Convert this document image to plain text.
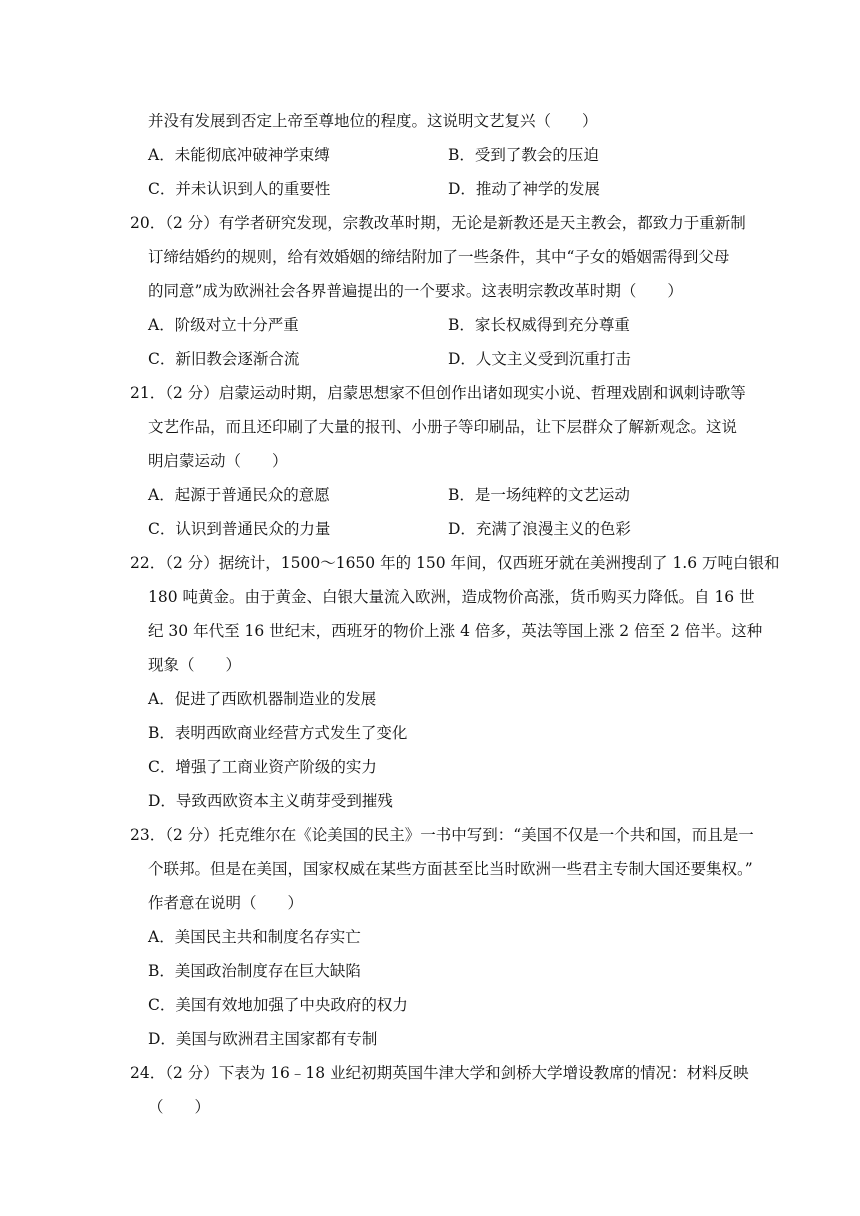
并没有发展到否定上帝至尊地位的程度。这说明文艺复兴（　　）
A．未能彻底冲破神学束缚	B．受到了教会的压迫
C．并未认识到人的重要性	D．推动了神学的发展
20．（2 分）有学者研究发现，宗教改革时期，无论是新教还是天主教会，都致力于重新制
订缔结婚约的规则，给有效婚姻的缔结附加了一些条件，其中“子女的婚姻需得到父母
的同意”成为欧洲社会各界普遍提出的一个要求。这表明宗教改革时期（　　）
A．阶级对立十分严重	B．家长权威得到充分尊重
C．新旧教会逐渐合流	D．人文主义受到沉重打击
21．（2 分）启蒙运动时期，启蒙思想家不但创作出诸如现实小说、哲理戏剧和讽刺诗歌等
文艺作品，而且还印刷了大量的报刊、小册子等印刷品，让下层群众了解新观念。这说
明启蒙运动（　　）
A．起源于普通民众的意愿	B．是一场纯粹的文艺运动
C．认识到普通民众的力量	D．充满了浪漫主义的色彩
22．（2 分）据统计，1500～1650 年的 150 年间，仅西班牙就在美洲搜刮了 1.6 万吨白银和
180 吨黄金。由于黄金、白银大量流入欧洲，造成物价高涨，货币购买力降低。自 16 世
纪 30 年代至 16 世纪末，西班牙的物价上涨 4 倍多，英法等国上涨 2 倍至 2 倍半。这种
现象（　　）
A．促进了西欧机器制造业的发展
B．表明西欧商业经营方式发生了变化
C．增强了工商业资产阶级的实力
D．导致西欧资本主义萌芽受到摧残
23．（2 分）托克维尔在《论美国的民主》一书中写到：“美国不仅是一个共和国，而且是一
个联邦。但是在美国，国家权威在某些方面甚至比当时欧洲一些君主专制大国还要集权。”
作者意在说明（　　）
A．美国民主共和制度名存实亡
B．美国政治制度存在巨大缺陷
C．美国有效地加强了中央政府的权力
D．美国与欧洲君主国家都有专制
24．（2 分）下表为 16﹣18 业纪初期英国牛津大学和剑桥大学增设教席的情况：材料反映
（　　）
